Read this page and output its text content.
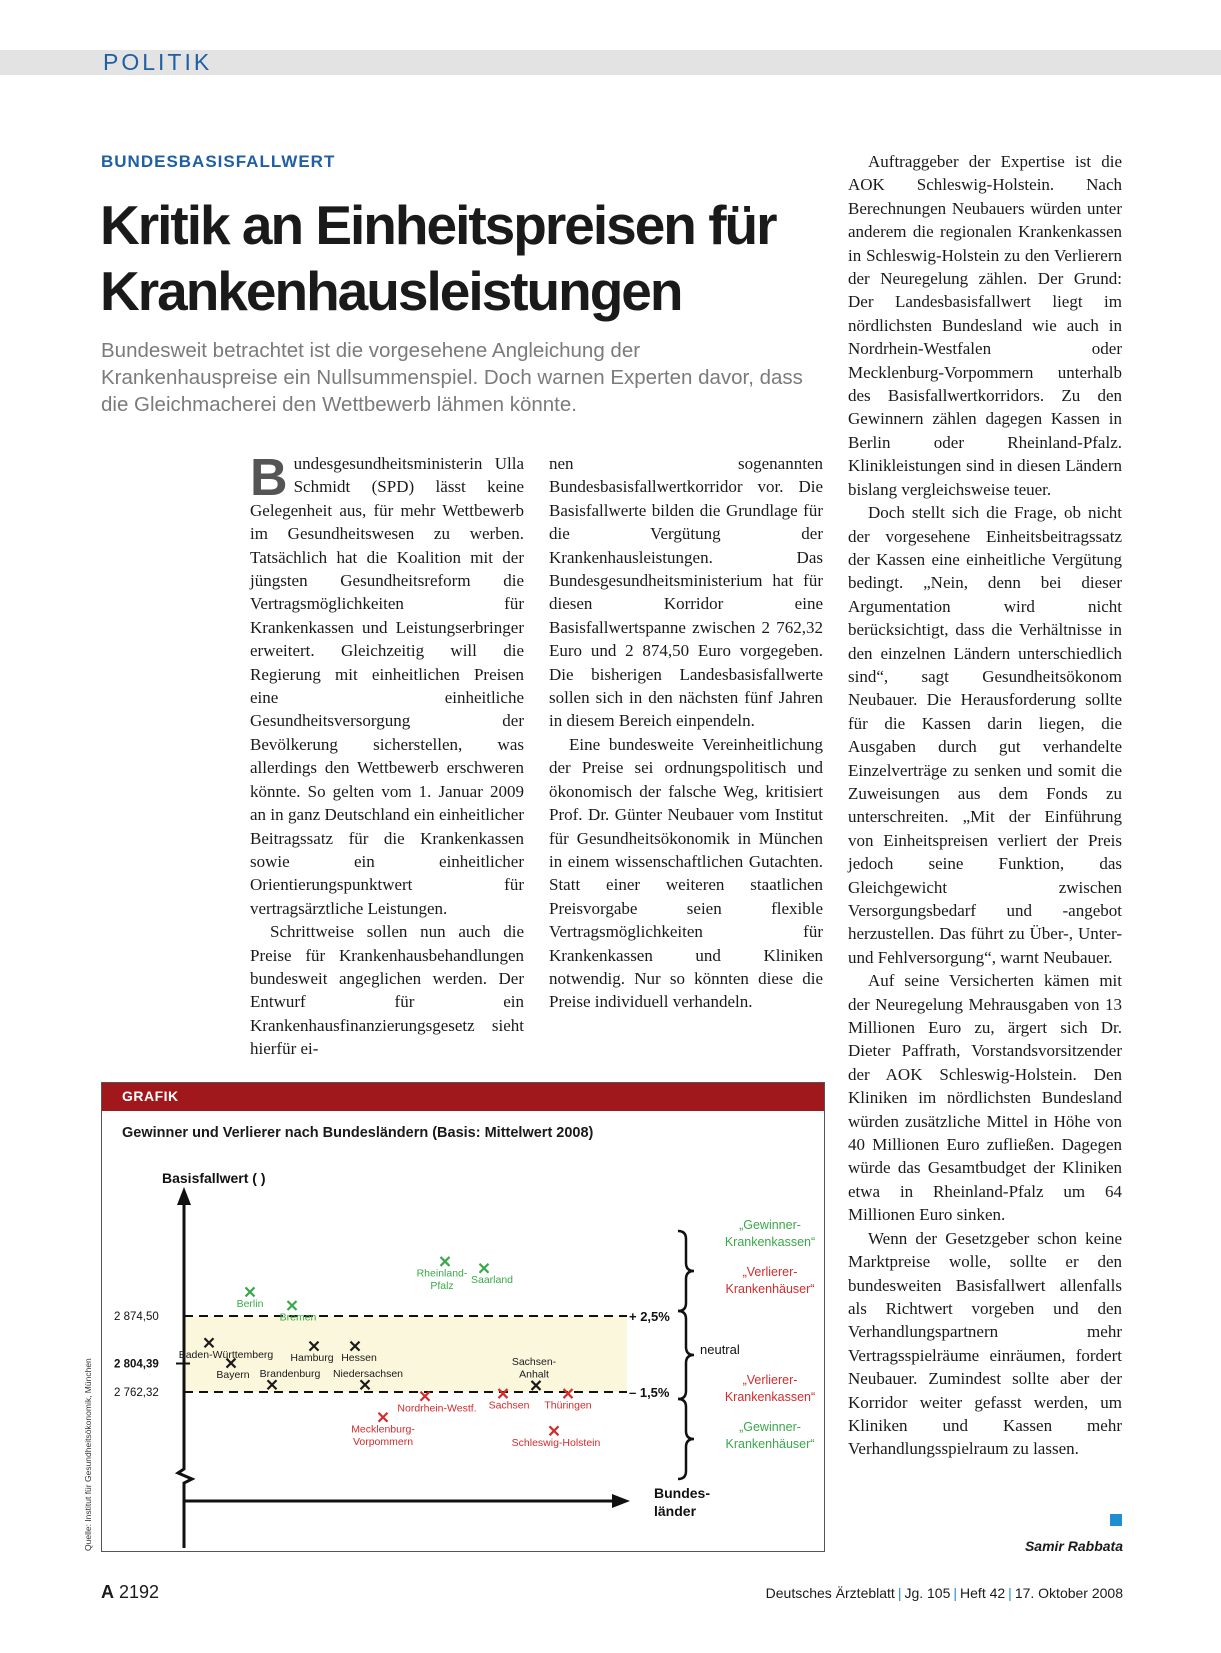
POLITIK
BUNDESBASISFALLWERT
Kritik an Einheitspreisen für
Krankenhausleistungen
Bundesweit betrachtet ist die vorgesehene Angleichung der Krankenhauspreise ein Nullsummenspiel. Doch warnen Experten davor, dass die Gleichmacherei den Wettbewerb lähmen könnte.

Bundesgesundheitsministerin Ulla Schmidt (SPD) lässt keine Gelegenheit aus, für mehr Wettbewerb im Gesundheitswesen zu werben. Tatsächlich hat die Koalition mit der jüngsten Gesundheitsreform die Vertragsmöglichkeiten für Krankenkassen und Leistungserbringer erweitert. Gleichzeitig will die Regierung mit einheitlichen Preisen eine einheitliche Gesundheitsversorgung der Bevölkerung sicherstellen, was allerdings den Wettbewerb erschweren könnte. So gelten vom 1. Januar 2009 an in ganz Deutschland ein einheitlicher Beitragssatz für die Krankenkassen sowie ein einheitlicher Orientierungspunktwert für vertragsärztliche Leistungen.

Schrittweise sollen nun auch die Preise für Krankenhausbehandlungen bundesweit angeglichen werden. Der Entwurf für ein Krankenhausfinanzierungsgesetz sieht hierfür ei-

nen sogenannten Bundesbasisfallwertkorridor vor. Die Basisfallwerte bilden die Grundlage für die Vergütung der Krankenhausleistungen. Das Bundesgesundheitsministerium hat für diesen Korridor eine Basisfallwertspanne zwischen 2 762,32 Euro und 2 874,50 Euro vorgegeben. Die bisherigen Landesbasisfallwerte sollen sich in den nächsten fünf Jahren in diesem Bereich einpendeln.

Eine bundesweite Vereinheitlichung der Preise sei ordnungspolitisch und ökonomisch der falsche Weg, kritisiert Prof. Dr. Günter Neubauer vom Institut für Gesundheitsökonomik in München in einem wissenschaftlichen Gutachten. Statt einer weiteren staatlichen Preisvorgabe seien flexible Vertragsmöglichkeiten für Krankenkassen und Kliniken notwendig. Nur so könnten diese die Preise individuell verhandeln.

Auftraggeber der Expertise ist die AOK Schleswig-Holstein. Nach Berechnungen Neubauers würden unter anderem die regionalen Krankenkassen in Schleswig-Holstein zu den Verlierern der Neuregelung zählen. Der Grund: Der Landesbasisfallwert liegt im nördlichsten Bundesland wie auch in Nordrhein-Westfalen oder Mecklenburg-Vorpommern unterhalb des Basisfallwertkorridors. Zu den Gewinnern zählen dagegen Kassen in Berlin oder Rheinland-Pfalz. Klinikleistungen sind in diesen Ländern bislang vergleichsweise teuer.

Doch stellt sich die Frage, ob nicht der vorgesehene Einheitsbeitragssatz der Kassen eine einheitliche Vergütung bedingt. „Nein, denn bei dieser Argumentation wird nicht berücksichtigt, dass die Verhältnisse in den einzelnen Ländern unterschiedlich sind“, sagt Gesundheitsökonom Neubauer. Die Herausforderung sollte für die Kassen darin liegen, die Ausgaben durch gut verhandelte Einzelverträge zu senken und somit die Zuweisungen aus dem Fonds zu unterschreiten. „Mit der Einführung von Einheitspreisen verliert der Preis jedoch seine Funktion, das Gleichgewicht zwischen Versorgungsbedarf und -angebot herzustellen. Das führt zu Über-, Unter- und Fehlversorgung“, warnt Neubauer.

Auf seine Versicherten kämen mit der Neuregelung Mehrausgaben von 13 Millionen Euro zu, ärgert sich Dr. Dieter Paffrath, Vorstandsvorsitzender der AOK Schleswig-Holstein. Den Kliniken im nördlichsten Bundesland würden zusätzliche Mittel in Höhe von 40 Millionen Euro zufließen. Dagegen würde das Gesamtbudget der Kliniken etwa in Rheinland-Pfalz um 64 Millionen Euro sinken.

Wenn der Gesetzgeber schon keine Marktpreise wolle, sollte er den bundesweiten Basisfallwert allenfalls als Richtwert vorgeben und den Verhandlungspartnern mehr Vertragsspielräume einräumen, fordert Neubauer. Zumindest sollte aber der Korridor weiter gefasst werden, um Kliniken und Kassen mehr Verhandlungsspielraum zu lassen.

Samir Rabbata
GRAFIK
Gewinner und Verlierer nach Bundesländern (Basis: Mittelwert 2008)
2 874,50
2 804,39
2 762,32
Basisfallwert ( )
Bundes-
länder
+ 2,5%
neutral
– 1,5%
„Gewinner-
Krankenkassen“
„Verlierer-
Krankenhäuser“
„Verlierer-
Krankenkassen“
„Gewinner-
Krankenhäuser“
Berlin
Bremen
Rheinland-
Pfalz Saarland
Baden-Württemberg
Bayern
Hamburg Hessen
Brandenburg Niedersachsen
Sachsen-
Anhalt
Nordrhein-Westf. Sachsen Thüringen
Mecklenburg-
Vorpommern	Schleswig-Holstein
Quelle: Institut für Gesundheitsökonomik, München
A 2192	Deutsches Ärzteblatt | Jg. 105 | Heft 42 | 17. Oktober 2008
